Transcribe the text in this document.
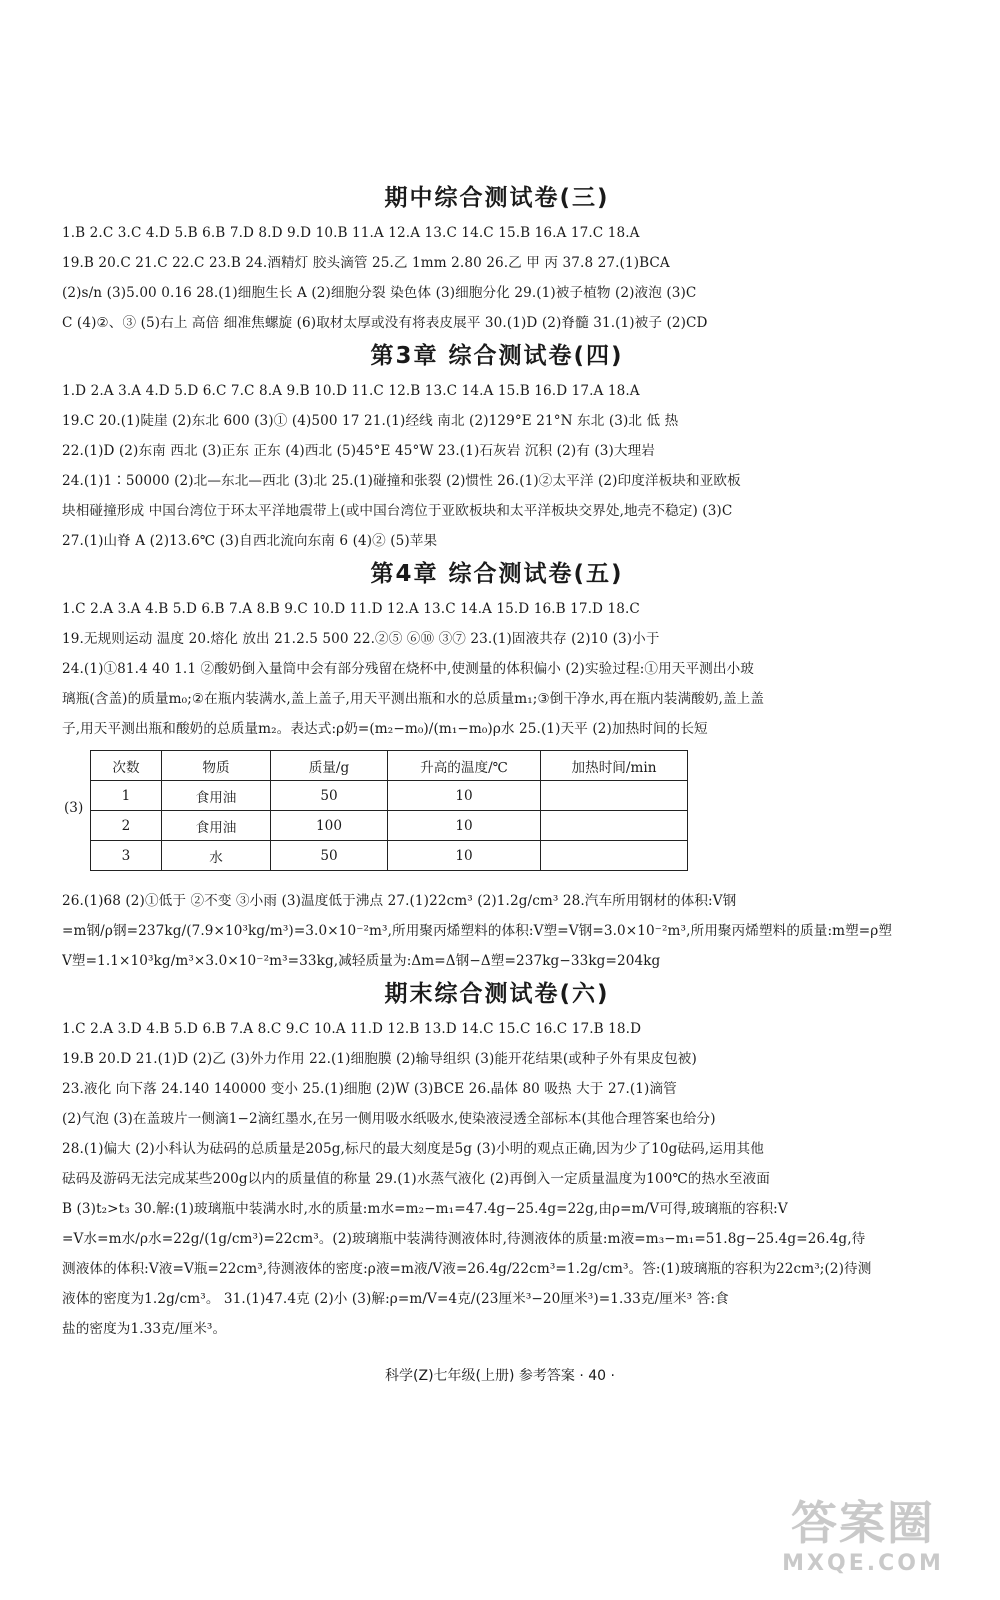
期中综合测试卷(三)
1.B 2.C 3.C 4.D 5.B 6.B 7.D 8.D 9.D 10.B 11.A 12.A 13.C 14.C 15.B 16.A 17.C 18.A
19.B 20.C 21.C 22.C 23.B 24.酒精灯 胶头滴管 25.乙 1mm 2.80 26.乙 甲 丙 37.8 27.(1)BCA
(2)s/n (3)5.00 0.16 28.(1)细胞生长 A (2)细胞分裂 染色体 (3)细胞分化 29.(1)被子植物 (2)液泡 (3)C
C (4)②、③ (5)右上 高倍 细准焦螺旋 (6)取材太厚或没有将表皮展平 30.(1)D (2)脊髓 31.(1)被子 (2)CD
第3章 综合测试卷(四)
1.D 2.A 3.A 4.D 5.D 6.C 7.C 8.A 9.B 10.D 11.C 12.B 13.C 14.A 15.B 16.D 17.A 18.A
19.C 20.(1)陡崖 (2)东北 600 (3)① (4)500 17 21.(1)经线 南北 (2)129°E 21°N 东北 (3)北 低 热
22.(1)D (2)东南 西北 (3)正东 正东 (4)西北 (5)45°E 45°W 23.(1)石灰岩 沉积 (2)有 (3)大理岩
24.(1)1∶50000 (2)北—东北—西北 (3)北 25.(1)碰撞和张裂 (2)惯性 26.(1)②太平洋 (2)印度洋板块和亚欧板
块相碰撞形成 中国台湾位于环太平洋地震带上(或中国台湾位于亚欧板块和太平洋板块交界处,地壳不稳定) (3)C
27.(1)山脊 A (2)13.6℃ (3)自西北流向东南 6 (4)② (5)苹果
第4章 综合测试卷(五)
1.C 2.A 3.A 4.B 5.D 6.B 7.A 8.B 9.C 10.D 11.D 12.A 13.C 14.A 15.D 16.B 17.D 18.C
19.无规则运动 温度 20.熔化 放出 21.2.5 500 22.②⑤ ⑥⑩ ③⑦ 23.(1)固液共存 (2)10 (3)小于
24.(1)①81.4 40 1.1 ②酸奶倒入量筒中会有部分残留在烧杯中,使测量的体积偏小 (2)实验过程:①用天平测出小玻
璃瓶(含盖)的质量m₀;②在瓶内装满水,盖上盖子,用天平测出瓶和水的总质量m₁;③倒干净水,再在瓶内装满酸奶,盖上盖
子,用天平测出瓶和酸奶的总质量m₂。表达式:ρ奶=(m₂−m₀)/(m₁−m₀)ρ水 25.(1)天平 (2)加热时间的长短
(3)
次数	物质	质量/g	升高的温度/℃	加热时间/min
1	食用油	50	10	
2	食用油	100	10	
3	水	50	10	
26.(1)68 (2)①低于 ②不变 ③小雨 (3)温度低于沸点 27.(1)22cm³ (2)1.2g/cm³ 28.汽车所用钢材的体积:V钢
=m钢/ρ钢=237kg/(7.9×10³kg/m³)=3.0×10⁻²m³,所用聚丙烯塑料的体积:V塑=V钢=3.0×10⁻²m³,所用聚丙烯塑料的质量:m塑=ρ塑
V塑=1.1×10³kg/m³×3.0×10⁻²m³=33kg,减轻质量为:Δm=Δ钢−Δ塑=237kg−33kg=204kg
期末综合测试卷(六)
1.C 2.A 3.D 4.B 5.D 6.B 7.A 8.C 9.C 10.A 11.D 12.B 13.D 14.C 15.C 16.C 17.B 18.D
19.B 20.D 21.(1)D (2)乙 (3)外力作用 22.(1)细胞膜 (2)输导组织 (3)能开花结果(或种子外有果皮包被)
23.液化 向下落 24.140 140000 变小 25.(1)细胞 (2)W (3)BCE 26.晶体 80 吸热 大于 27.(1)滴管
(2)气泡 (3)在盖玻片一侧滴1−2滴红墨水,在另一侧用吸水纸吸水,使染液浸透全部标本(其他合理答案也给分)
28.(1)偏大 (2)小科认为砝码的总质量是205g,标尺的最大刻度是5g (3)小明的观点正确,因为少了10g砝码,运用其他
砝码及游码无法完成某些200g以内的质量值的称量 29.(1)水蒸气液化 (2)再倒入一定质量温度为100℃的热水至液面
B (3)t₂>t₃ 30.解:(1)玻璃瓶中装满水时,水的质量:m水=m₂−m₁=47.4g−25.4g=22g,由ρ=m/V可得,玻璃瓶的容积:V
=V水=m水/ρ水=22g/(1g/cm³)=22cm³。(2)玻璃瓶中装满待测液体时,待测液体的质量:m液=m₃−m₁=51.8g−25.4g=26.4g,待
测液体的体积:V液=V瓶=22cm³,待测液体的密度:ρ液=m液/V液=26.4g/22cm³=1.2g/cm³。答:(1)玻璃瓶的容积为22cm³;(2)待测
液体的密度为1.2g/cm³。 31.(1)47.4克 (2)小 (3)解:ρ=m/V=4克/(23厘米³−20厘米³)=1.33克/厘米³ 答:食
盐的密度为1.33克/厘米³。
科学(Z)七年级(上册) 参考答案 · 40 ·
答案圈
MXQE.COM
